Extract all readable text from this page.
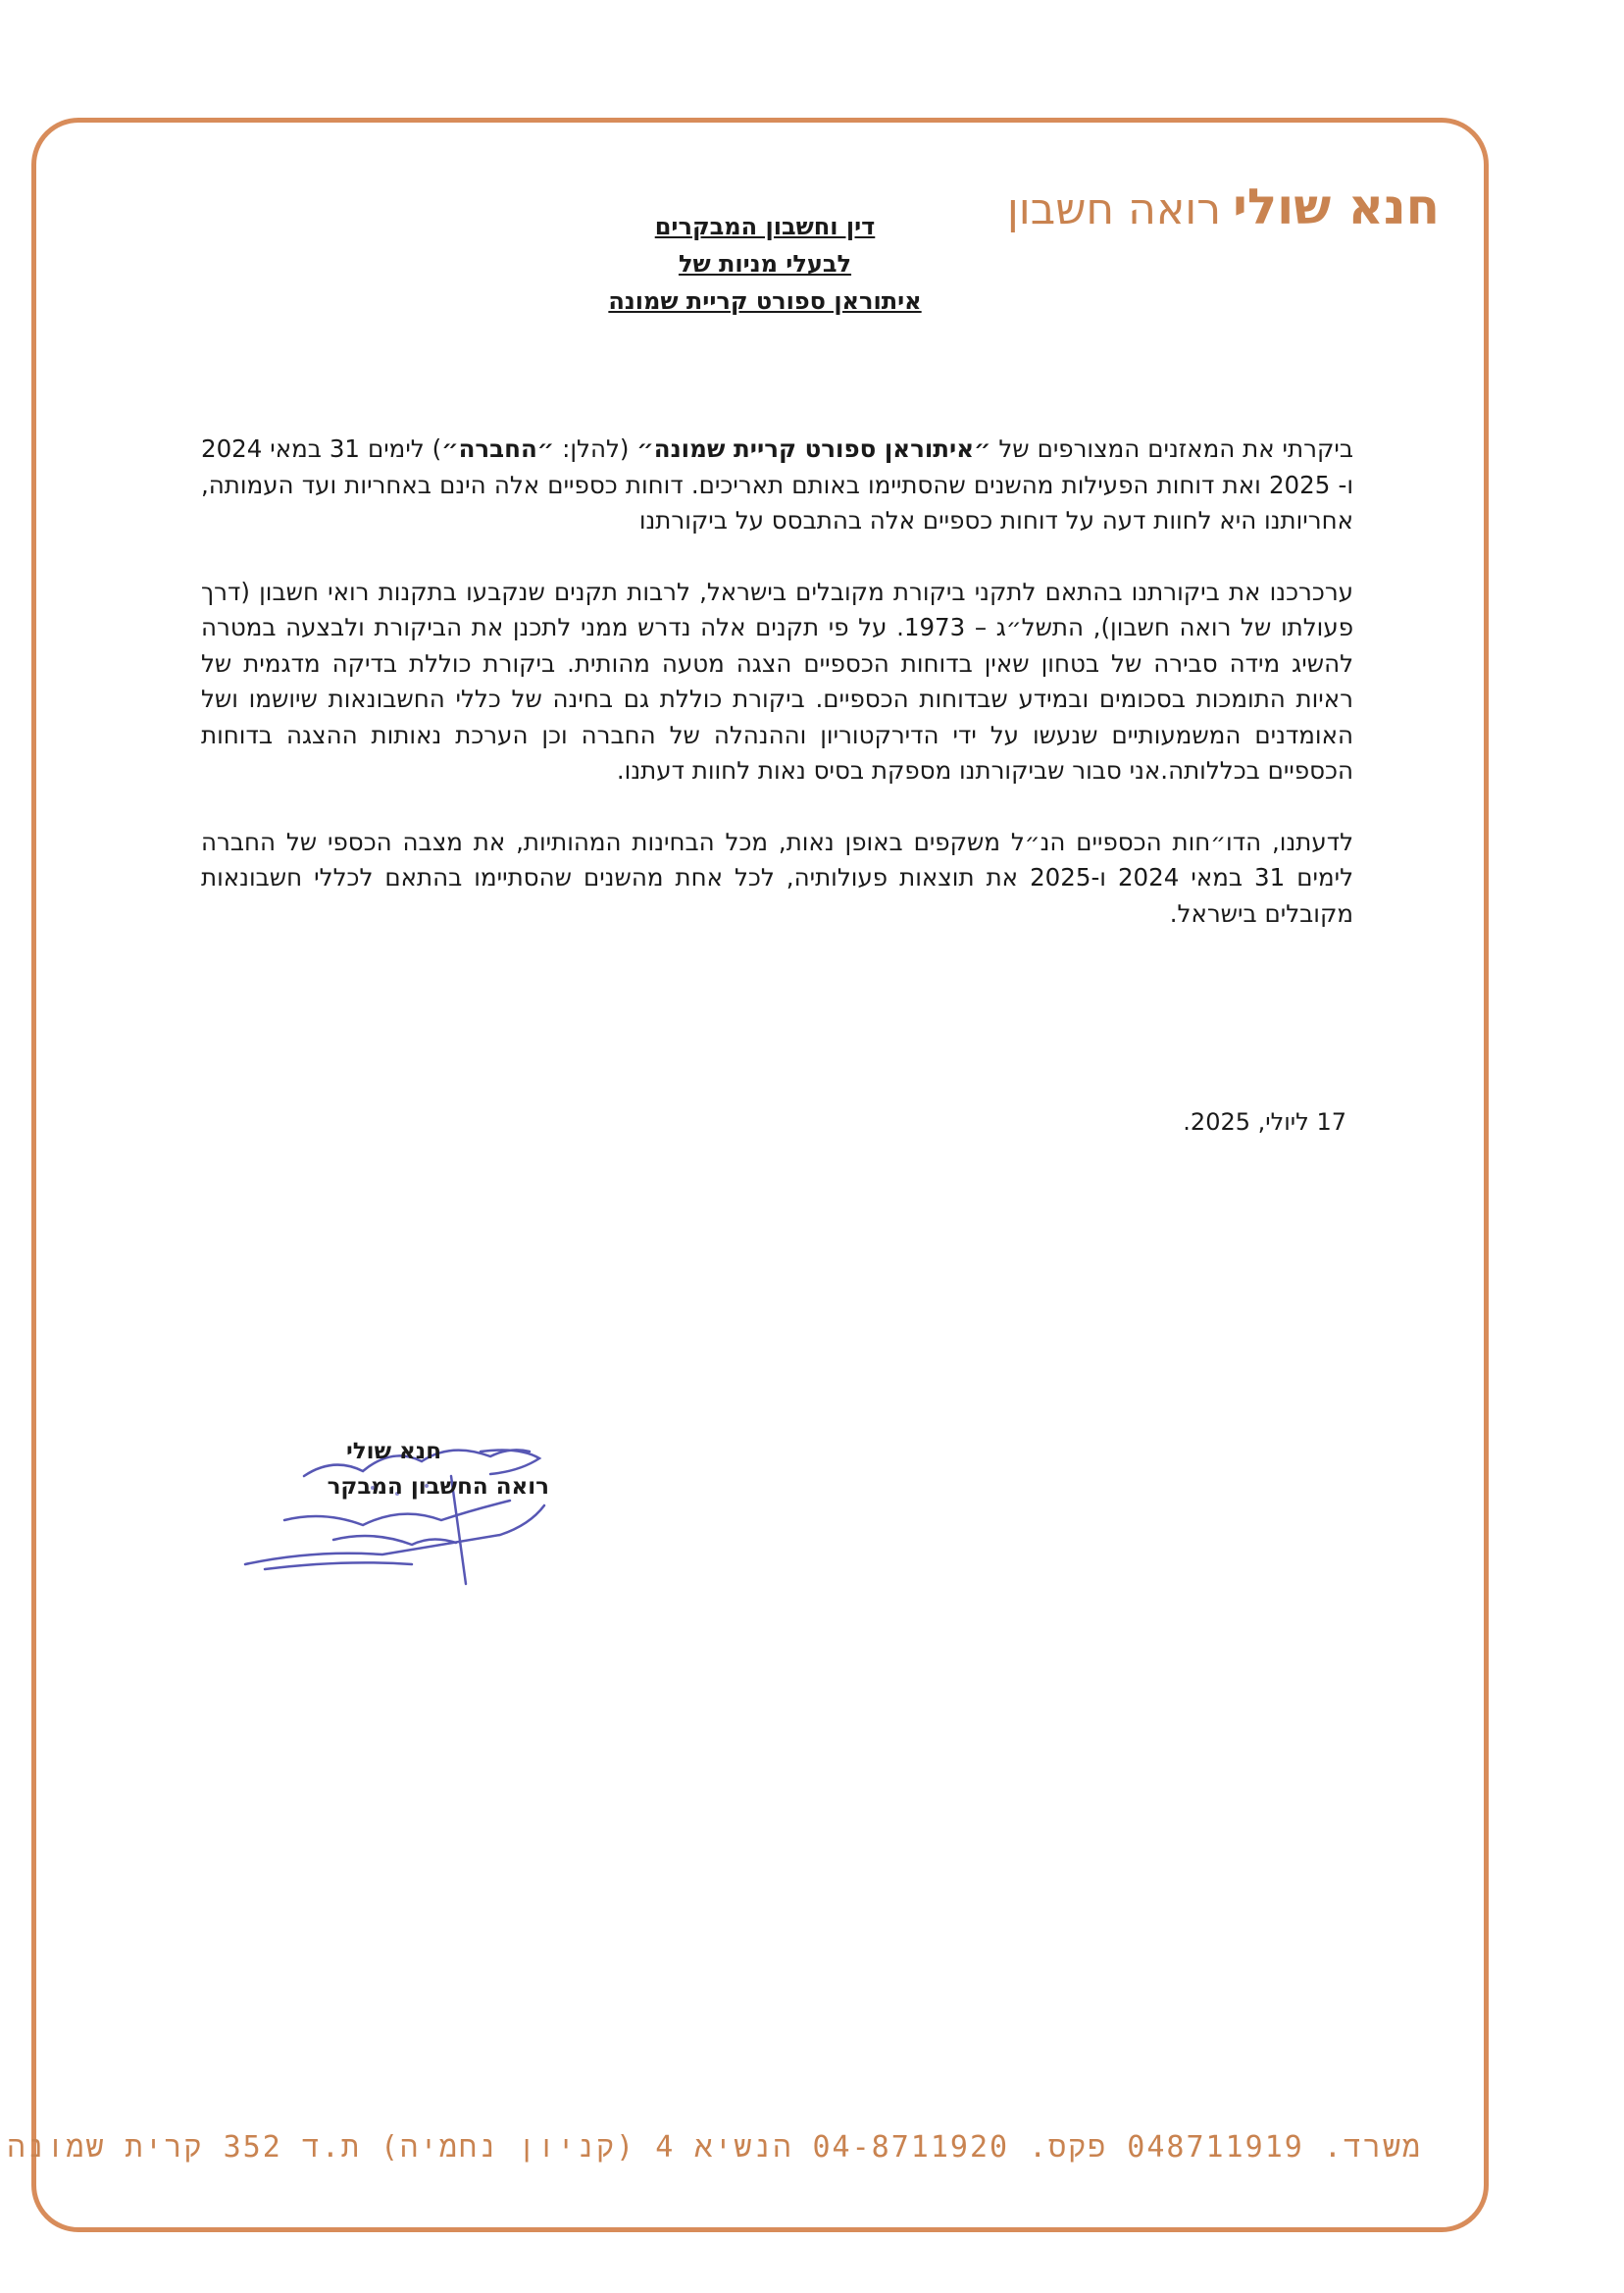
חנא שולירואה חשבון
דין וחשבון המבקרים
לבעלי מניות של
איתוראן ספורט קריית שמונה

ביקרתי את המאזנים המצורפים של ״איתוראן ספורט קריית שמונה״ (להלן: ״החברה״) לימים 31 במאי 2024 ו- 2025 ואת דוחות הפעילות מהשנים שהסתיימו באותם תאריכים. דוחות כספיים אלה הינם באחריות ועד העמותה, אחריותנו היא לחוות דעה על דוחות כספיים אלה בהתבסס על ביקורתנו

ערכרכנו את ביקורתנו בהתאם לתקני ביקורת מקובלים בישראל, לרבות תקנים שנקבעו בתקנות רואי חשבון (דרך פעולתו של רואה חשבון), התשל״ג – 1973. על פי תקנים אלה נדרש ממני לתכנן את הביקורת ולבצעה במטרה להשיג מידה סבירה של בטחון שאין בדוחות הכספיים הצגה מטעה מהותית. ביקורת כוללת בדיקה מדגמית של ראיות התומכות בסכומים ובמידע שבדוחות הכספיים. ביקורת כוללת גם בחינה של כללי החשבונאות שיושמו ושל האומדנים המשמעותיים שנעשו על ידי הדירקטוריון וההנהלה של החברה וכן הערכת נאותות ההצגה בדוחות הכספיים בכללותה.אני סבור שביקורתנו מספקת בסיס נאות לחוות דעתנו.

לדעתנו, הדו״חות הכספיים הנ״ל משקפים באופן נאות, מכל הבחינות המהותיות, את מצבה הכספי של החברה לימים 31 במאי 2024 ו-2025 את תוצאות פעולותיה, לכל אחת מהשנים שהסתיימו בהתאם לכללי חשבונאות מקובלים בישראל.

17 ליולי, 2025.
חנא שולי
רואה החשבון המבקר
משרד. 048711919 פקס. 04-8711920 הנשיא 4 (קניון נחמיה) ת.ד 352 קרית שמונה
